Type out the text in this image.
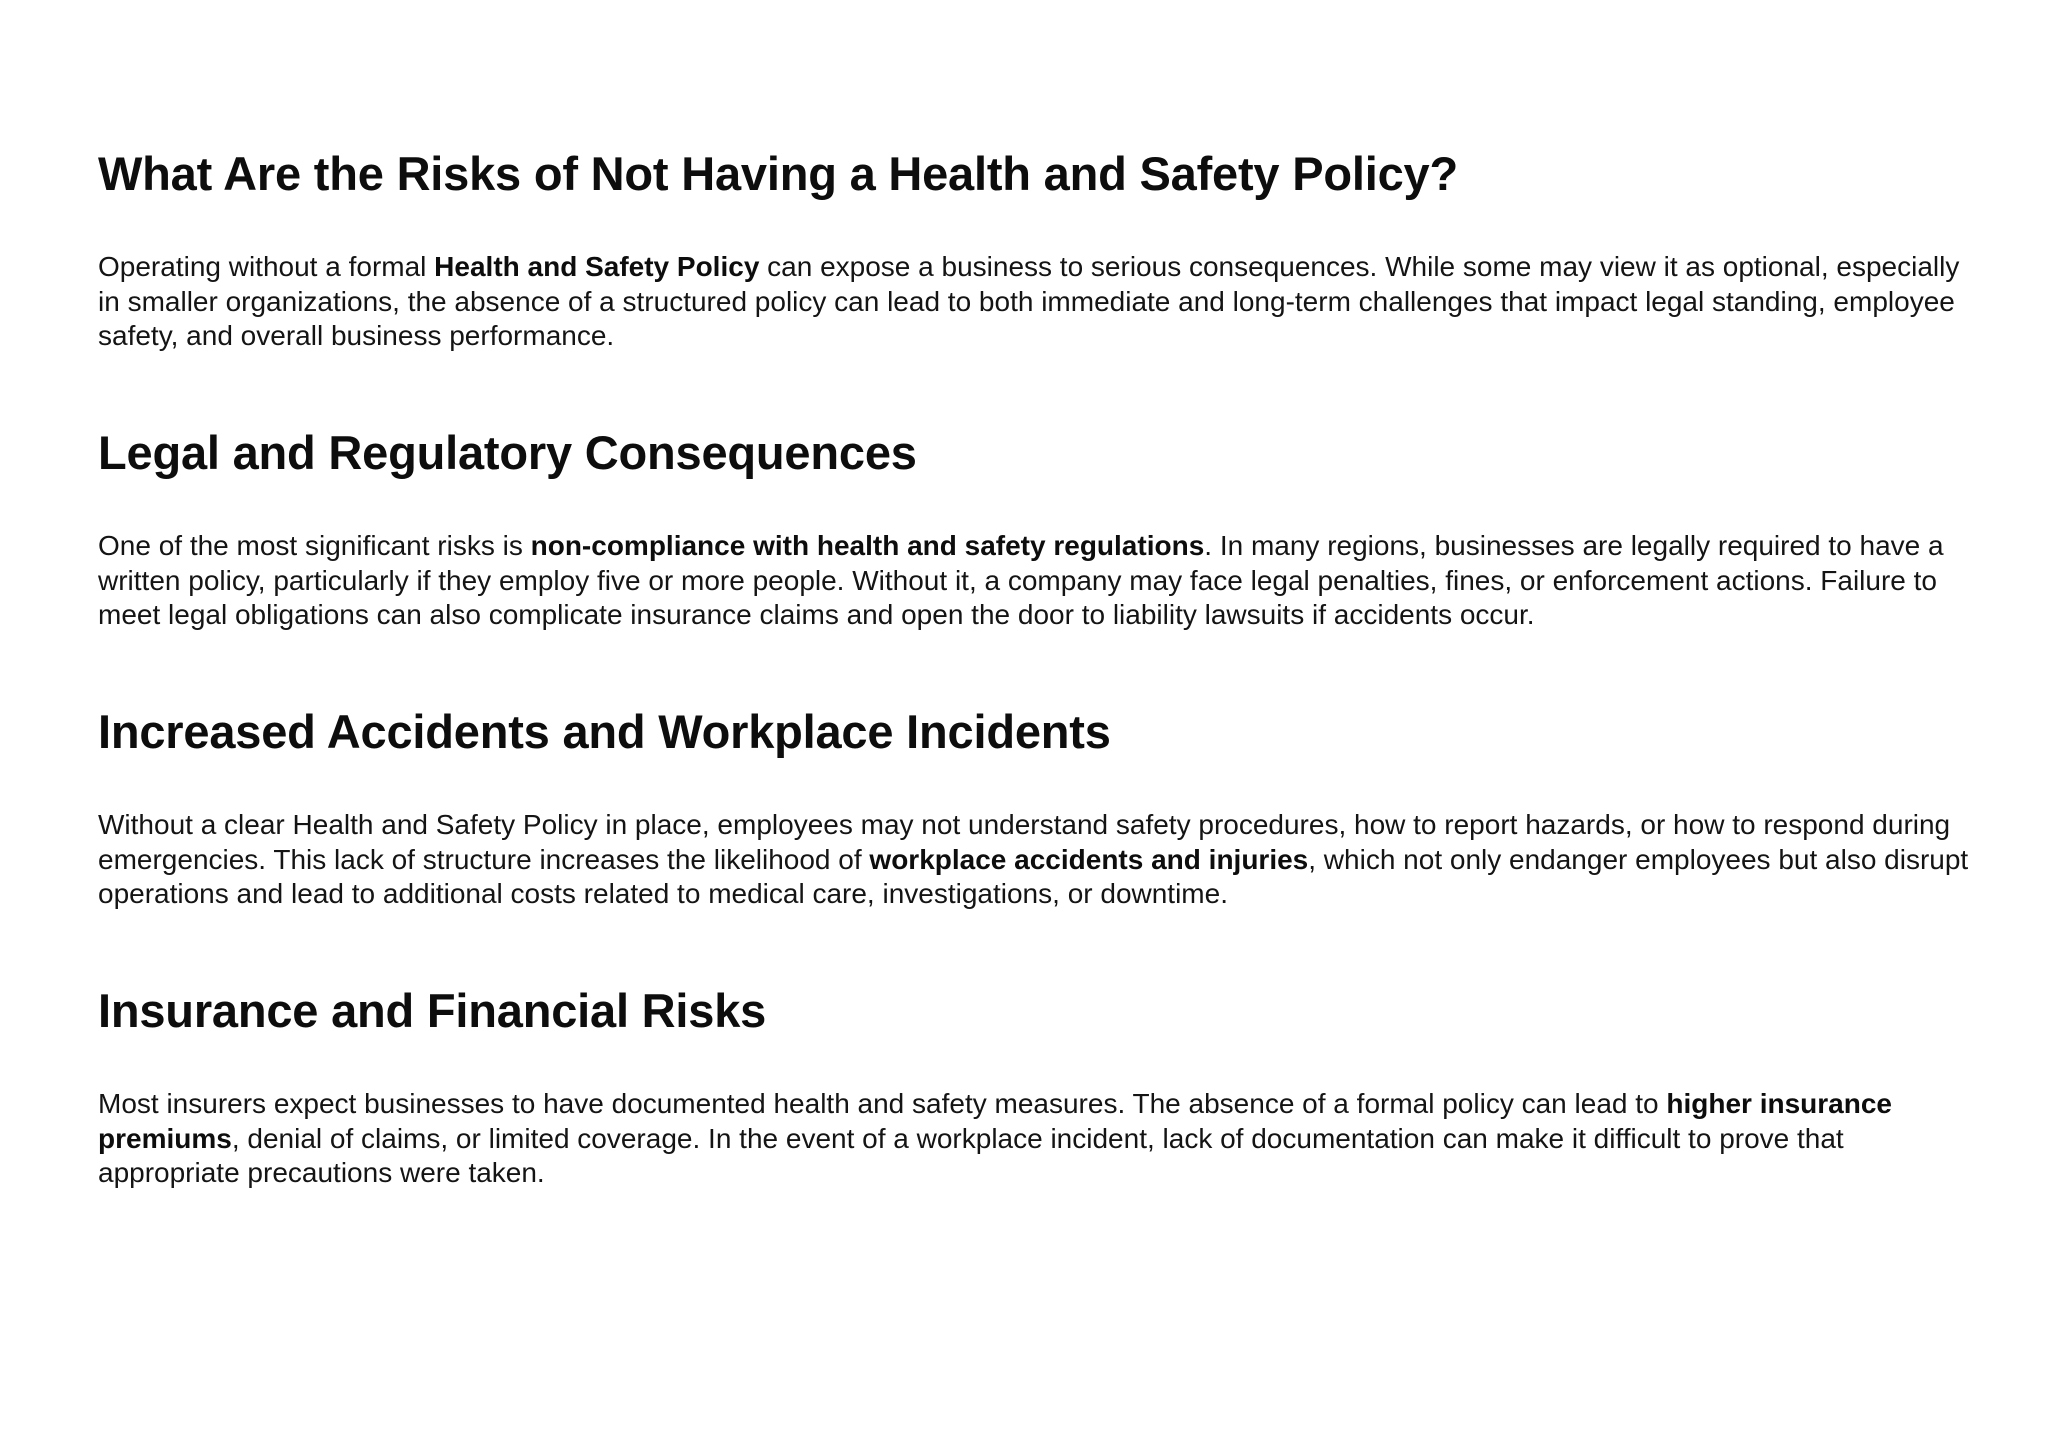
What Are the Risks of Not Having a Health and Safety Policy?

Operating without a formal Health and Safety Policy can expose a business to serious consequences. While some may view it as optional, especially in smaller organizations, the absence of a structured policy can lead to both immediate and long-term challenges that impact legal standing, employee safety, and overall business performance.

Legal and Regulatory Consequences

One of the most significant risks is non-compliance with health and safety regulations. In many regions, businesses are legally required to have a written policy, particularly if they employ five or more people. Without it, a company may face legal penalties, fines, or enforcement actions. Failure to meet legal obligations can also complicate insurance claims and open the door to liability lawsuits if accidents occur.

Increased Accidents and Workplace Incidents

Without a clear Health and Safety Policy in place, employees may not understand safety procedures, how to report hazards, or how to respond during emergencies. This lack of structure increases the likelihood of workplace accidents and injuries, which not only endanger employees but also disrupt operations and lead to additional costs related to medical care, investigations, or downtime.

Insurance and Financial Risks

Most insurers expect businesses to have documented health and safety measures. The absence of a formal policy can lead to higher insurance premiums, denial of claims, or limited coverage. In the event of a workplace incident, lack of documentation can make it difficult to prove that appropriate precautions were taken.
